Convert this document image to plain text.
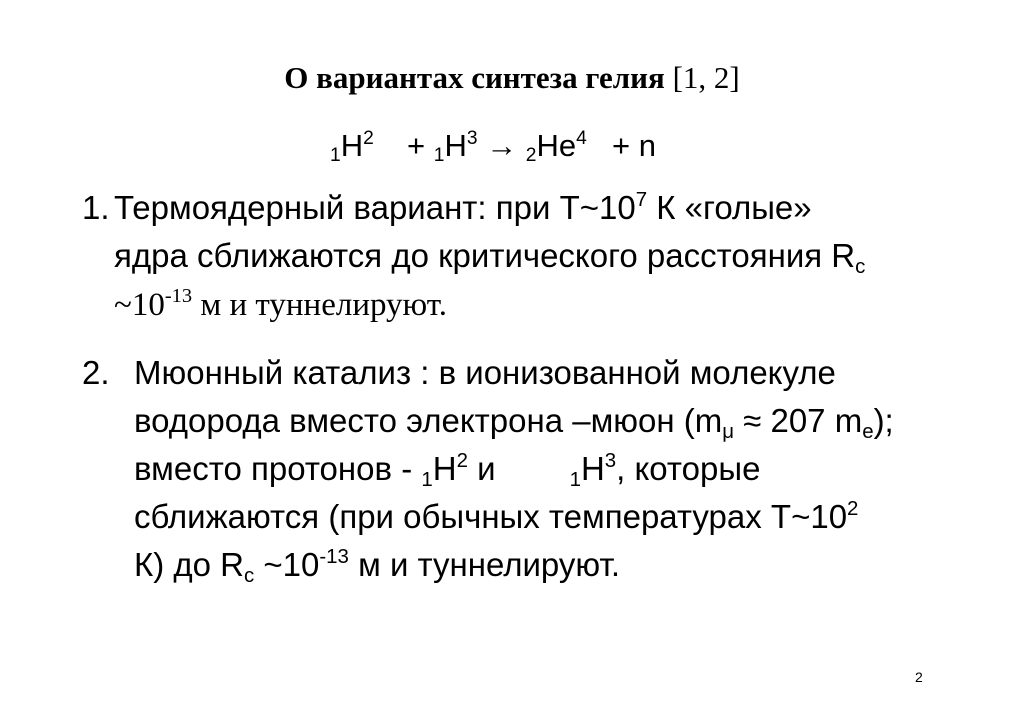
О вариантах синтеза гелия [1, 2]
$_1H^2 + _1H^3 \to _2He^4 + n$
1. Термоядерный вариант: при $Т\sim 10^7$ К «голые»
ядра сближаются до критического расстояния $R_c$
$\sim 10^{-13}$ м и туннелируют.
2. Мюонный катализ : в ионизованной молекуле
водорода вместо электрона –мюон ($m_\mu \approx 207$ $m_e$);
вместо протонов - $_1H^2$ и	$_1H^3$, которые
сближаются (при обычных температурах $Т\sim 10^2$
К) до $R_c$ $\sim 10^{-13}$ м и туннелируют.
2
